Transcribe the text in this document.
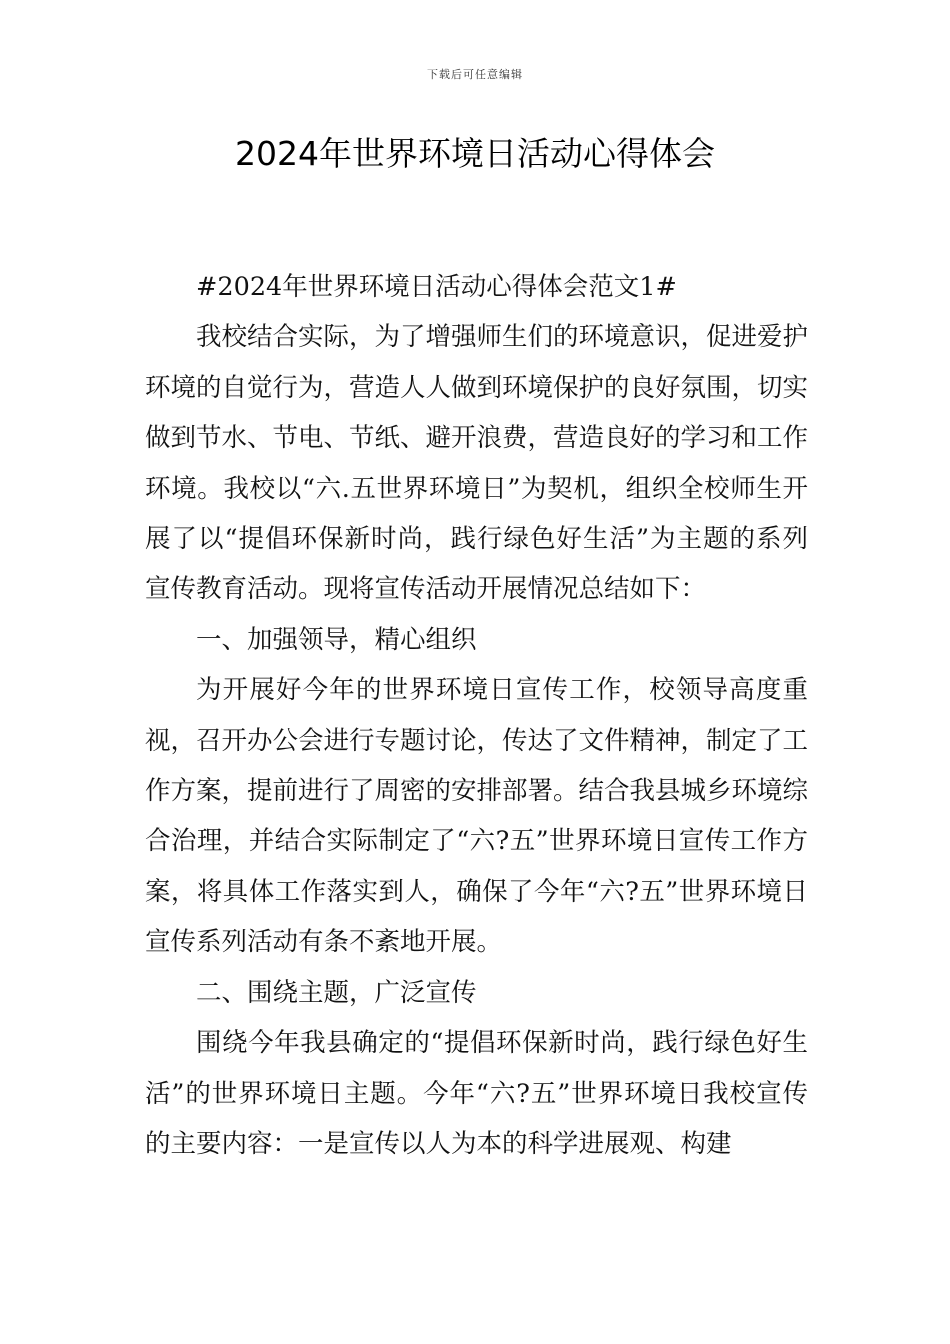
下载后可任意编辑
2024年世界环境日活动心得体会

#2024年世界环境日活动心得体会范文1#

我校结合实际，为了增强师生们的环境意识，促进爱护环境的自觉行为，营造人人做到环境保护的良好氛围，切实做到节水、节电、节纸、避开浪费，营造良好的学习和工作环境。我校以“六.五世界环境日”为契机，组织全校师生开展了以“提倡环保新时尚，践行绿色好生活”为主题的系列宣传教育活动。现将宣传活动开展情况总结如下：

一、加强领导，精心组织

为开展好今年的世界环境日宣传工作，校领导高度重视，召开办公会进行专题讨论，传达了文件精神，制定了工作方案，提前进行了周密的安排部署。结合我县城乡环境综合治理，并结合实际制定了“六?五”世界环境日宣传工作方案，将具体工作落实到人，确保了今年“六?五”世界环境日宣传系列活动有条不紊地开展。

二、围绕主题，广泛宣传

围绕今年我县确定的“提倡环保新时尚，践行绿色好生活”的世界环境日主题。今年“六?五”世界环境日我校宣传的主要内容：一是宣传以人为本的科学进展观、构建
